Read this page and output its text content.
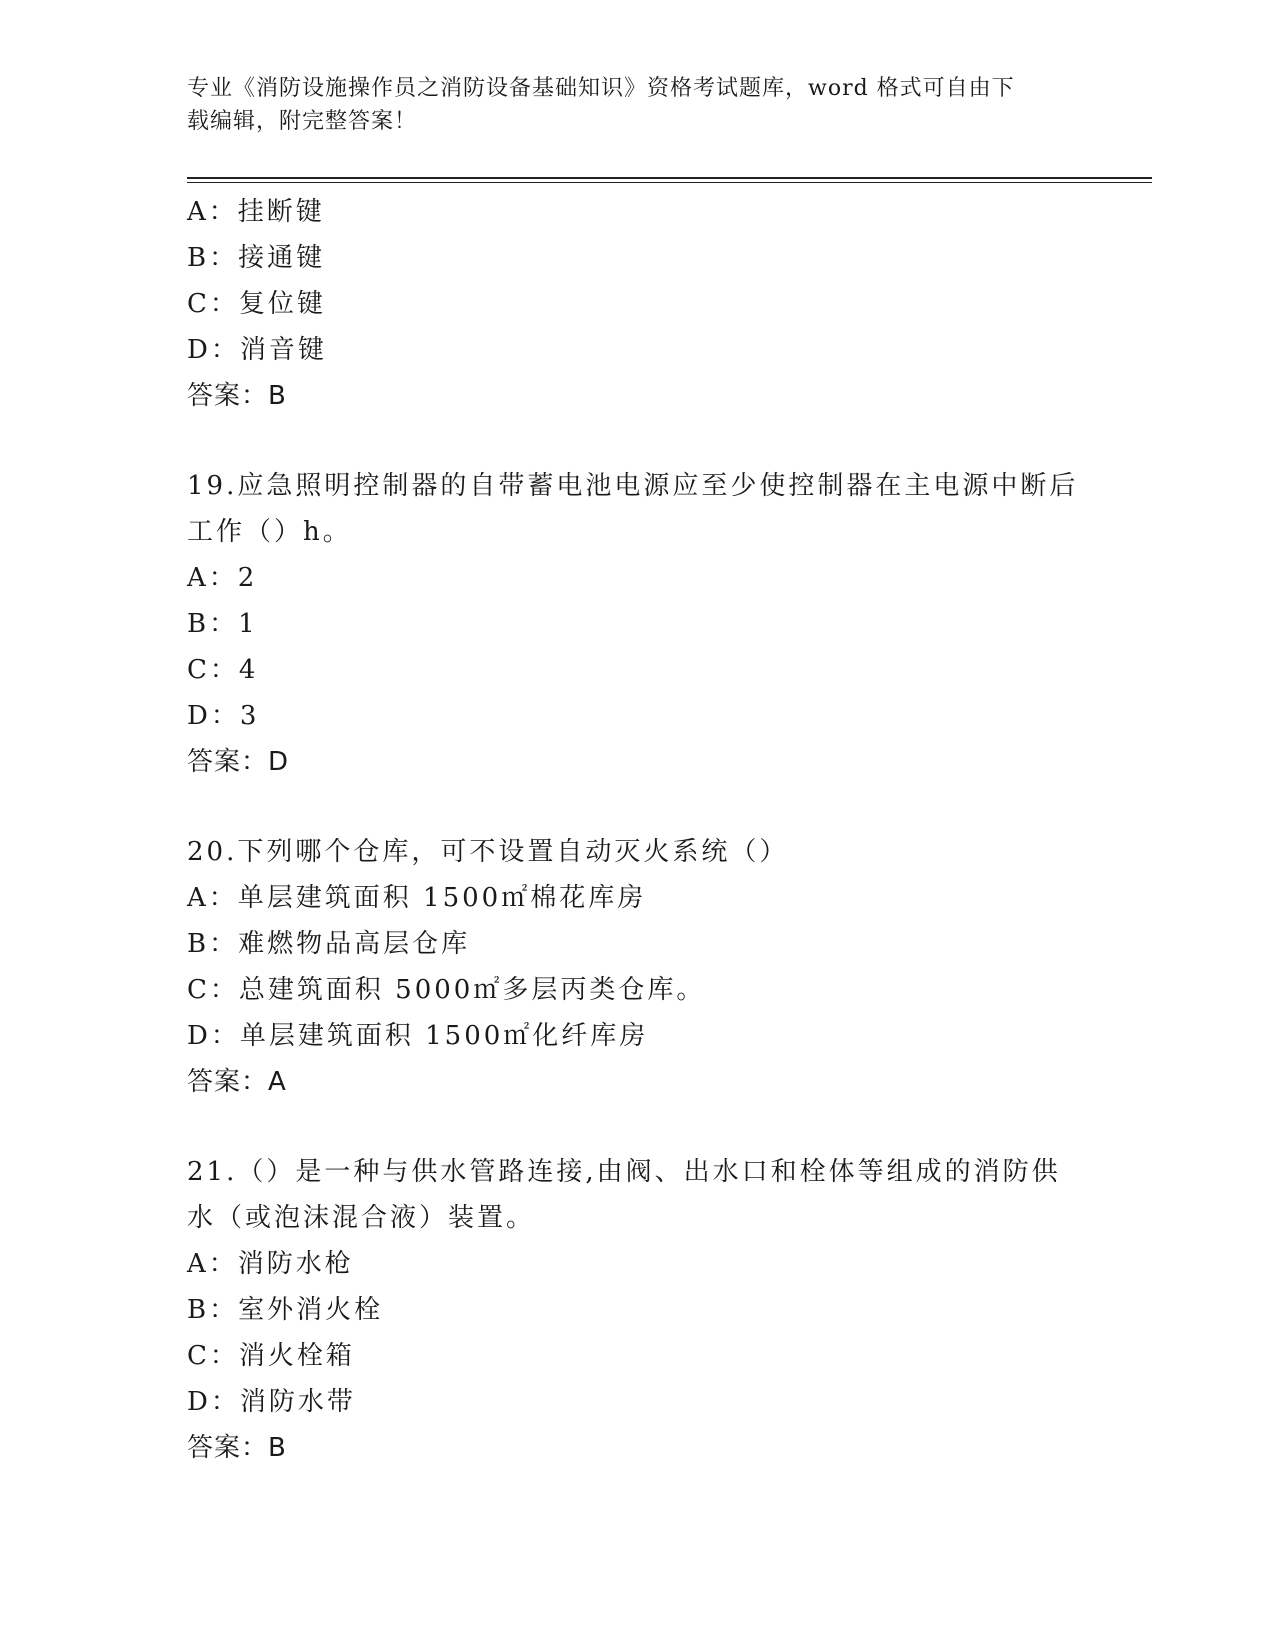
专业《消防设施操作员之消防设备基础知识》资格考试题库，word 格式可自由下
载编辑，附完整答案！
A：挂断键
B：接通键
C：复位键
D：消音键
答案：B
19.应急照明控制器的自带蓄电池电源应至少使控制器在主电源中断后
工作（）h。
A：2
B：1
C：4
D：3
答案：D
20.下列哪个仓库，可不设置自动灭火系统（）
A：单层建筑面积 1500㎡棉花库房
B：难燃物品高层仓库
C：总建筑面积 5000㎡多层丙类仓库。
D：单层建筑面积 1500㎡化纤库房
答案：A
21.（）是一种与供水管路连接,由阀、出水口和栓体等组成的消防供
水（或泡沫混合液）装置。
A：消防水枪
B：室外消火栓
C：消火栓箱
D：消防水带
答案：B
